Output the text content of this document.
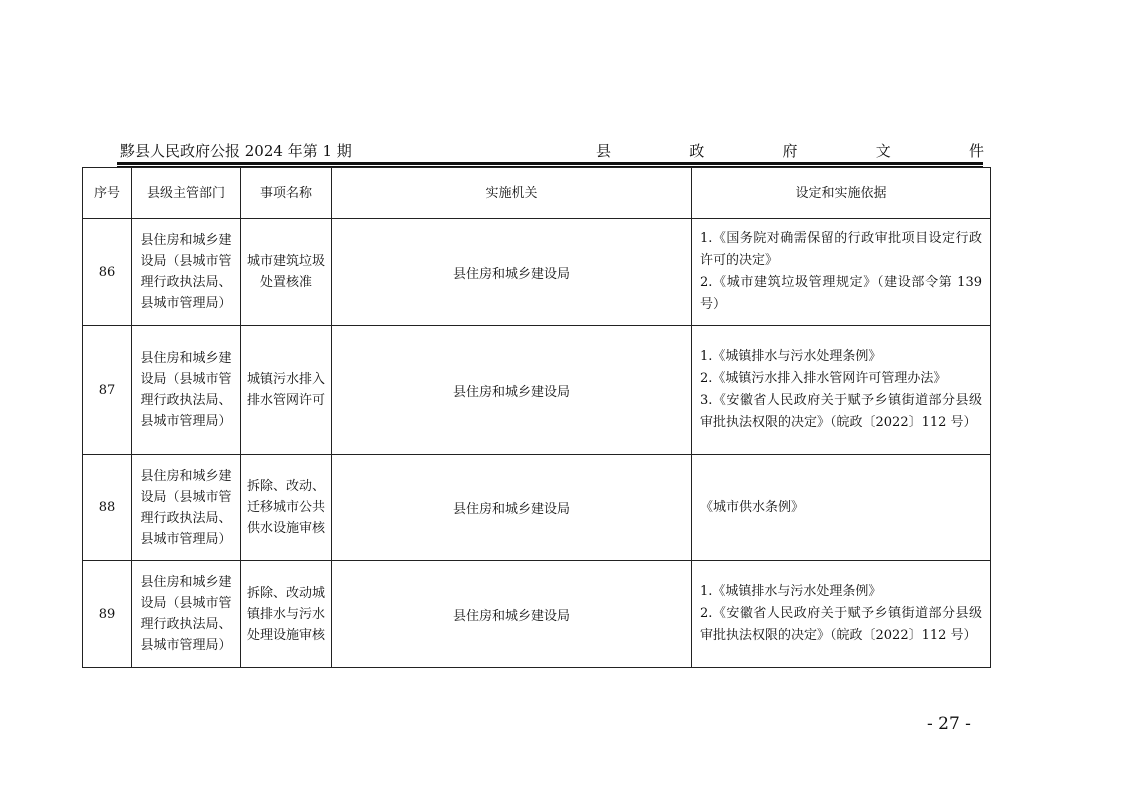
黟县人民政府公报 2024 年第 1 期	县	政	府	文	件
序号	县级主管部门	事项名称	实施机关	设定和实施依据
86	县住房和城乡建设局（县城市管理行政执法局、县城市管理局）	城市建筑垃圾处置核准	县住房和城乡建设局	1.《国务院对确需保留的行政审批项目设定行政许可的决定》
2.《城市建筑垃圾管理规定》（建设部令第 139 号）

87	县住房和城乡建设局（县城市管理行政执法局、县城市管理局）	城镇污水排入排水管网许可	县住房和城乡建设局	1.《城镇排水与污水处理条例》
2.《城镇污水排入排水管网许可管理办法》
3.《安徽省人民政府关于赋予乡镇街道部分县级审批执法权限的决定》（皖政〔2022〕112 号）

88	县住房和城乡建设局（县城市管理行政执法局、县城市管理局）	拆除、改动、迁移城市公共供水设施审核	县住房和城乡建设局	《城市供水条例》

89	县住房和城乡建设局（县城市管理行政执法局、县城市管理局）	拆除、改动城镇排水与污水处理设施审核	县住房和城乡建设局	1.《城镇排水与污水处理条例》
2.《安徽省人民政府关于赋予乡镇街道部分县级审批执法权限的决定》（皖政〔2022〕112 号）
- 27 -
